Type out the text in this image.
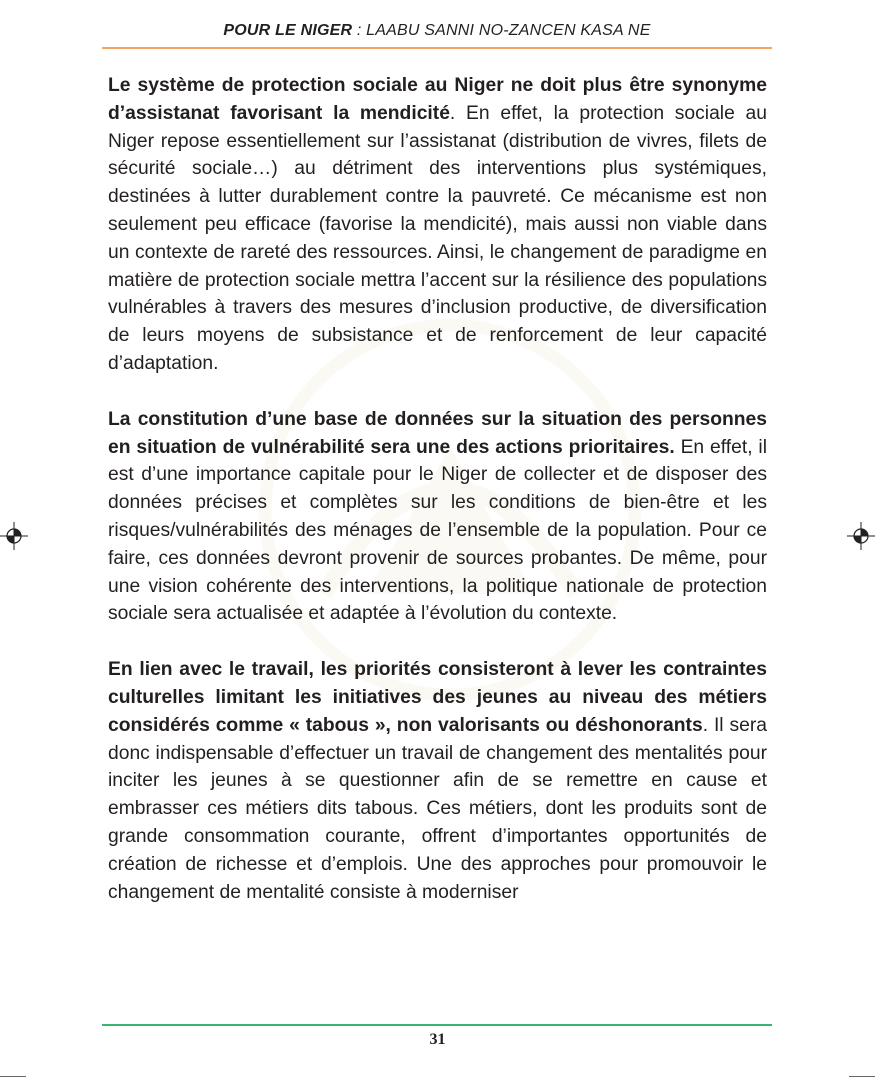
POUR LE NIGER : LAABU SANNI NO-ZANCEN KASA NE

Le système de protection sociale au Niger ne doit plus être synonyme d’assistanat favorisant la mendicité. En effet, la protection sociale au Niger repose essentiellement sur l’assistanat (distribution de vivres, filets de sécurité sociale…) au détriment des interventions plus systémiques, destinées à lutter durablement contre la pauvreté. Ce mécanisme est non seulement peu efficace (favorise la mendicité), mais aussi non viable dans un contexte de rareté des ressources. Ainsi, le changement de paradigme en matière de protection sociale mettra l’accent sur la résilience des populations vulnérables à travers des mesures d’inclusion productive, de diversification de leurs moyens de subsistance et de renforcement de leur capacité d’adaptation.

La constitution d’une base de données sur la situation des personnes en situation de vulnérabilité sera une des actions prioritaires. En effet, il est d’une importance capitale pour le Niger de collecter et de disposer des données précises et complètes sur les conditions de bien-être et les risques/vulnérabilités des ménages de l’ensemble de la population. Pour ce faire, ces données devront provenir de sources probantes. De même, pour une vision cohérente des interventions, la politique nationale de protection sociale sera actualisée et adaptée à l’évolution du contexte.

En lien avec le travail, les priorités consisteront à lever les contraintes culturelles limitant les initiatives des jeunes au niveau des métiers considérés comme « tabous », non valorisants ou déshonorants. Il sera donc indispensable d’effectuer un travail de changement des mentalités pour inciter les jeunes à se questionner afin de se remettre en cause et embrasser ces métiers dits tabous. Ces métiers, dont les produits sont de grande consommation courante, offrent d’importantes opportunités de création de richesse et d’emplois. Une des approches pour promouvoir le changement de mentalité consiste à moderniser

31
